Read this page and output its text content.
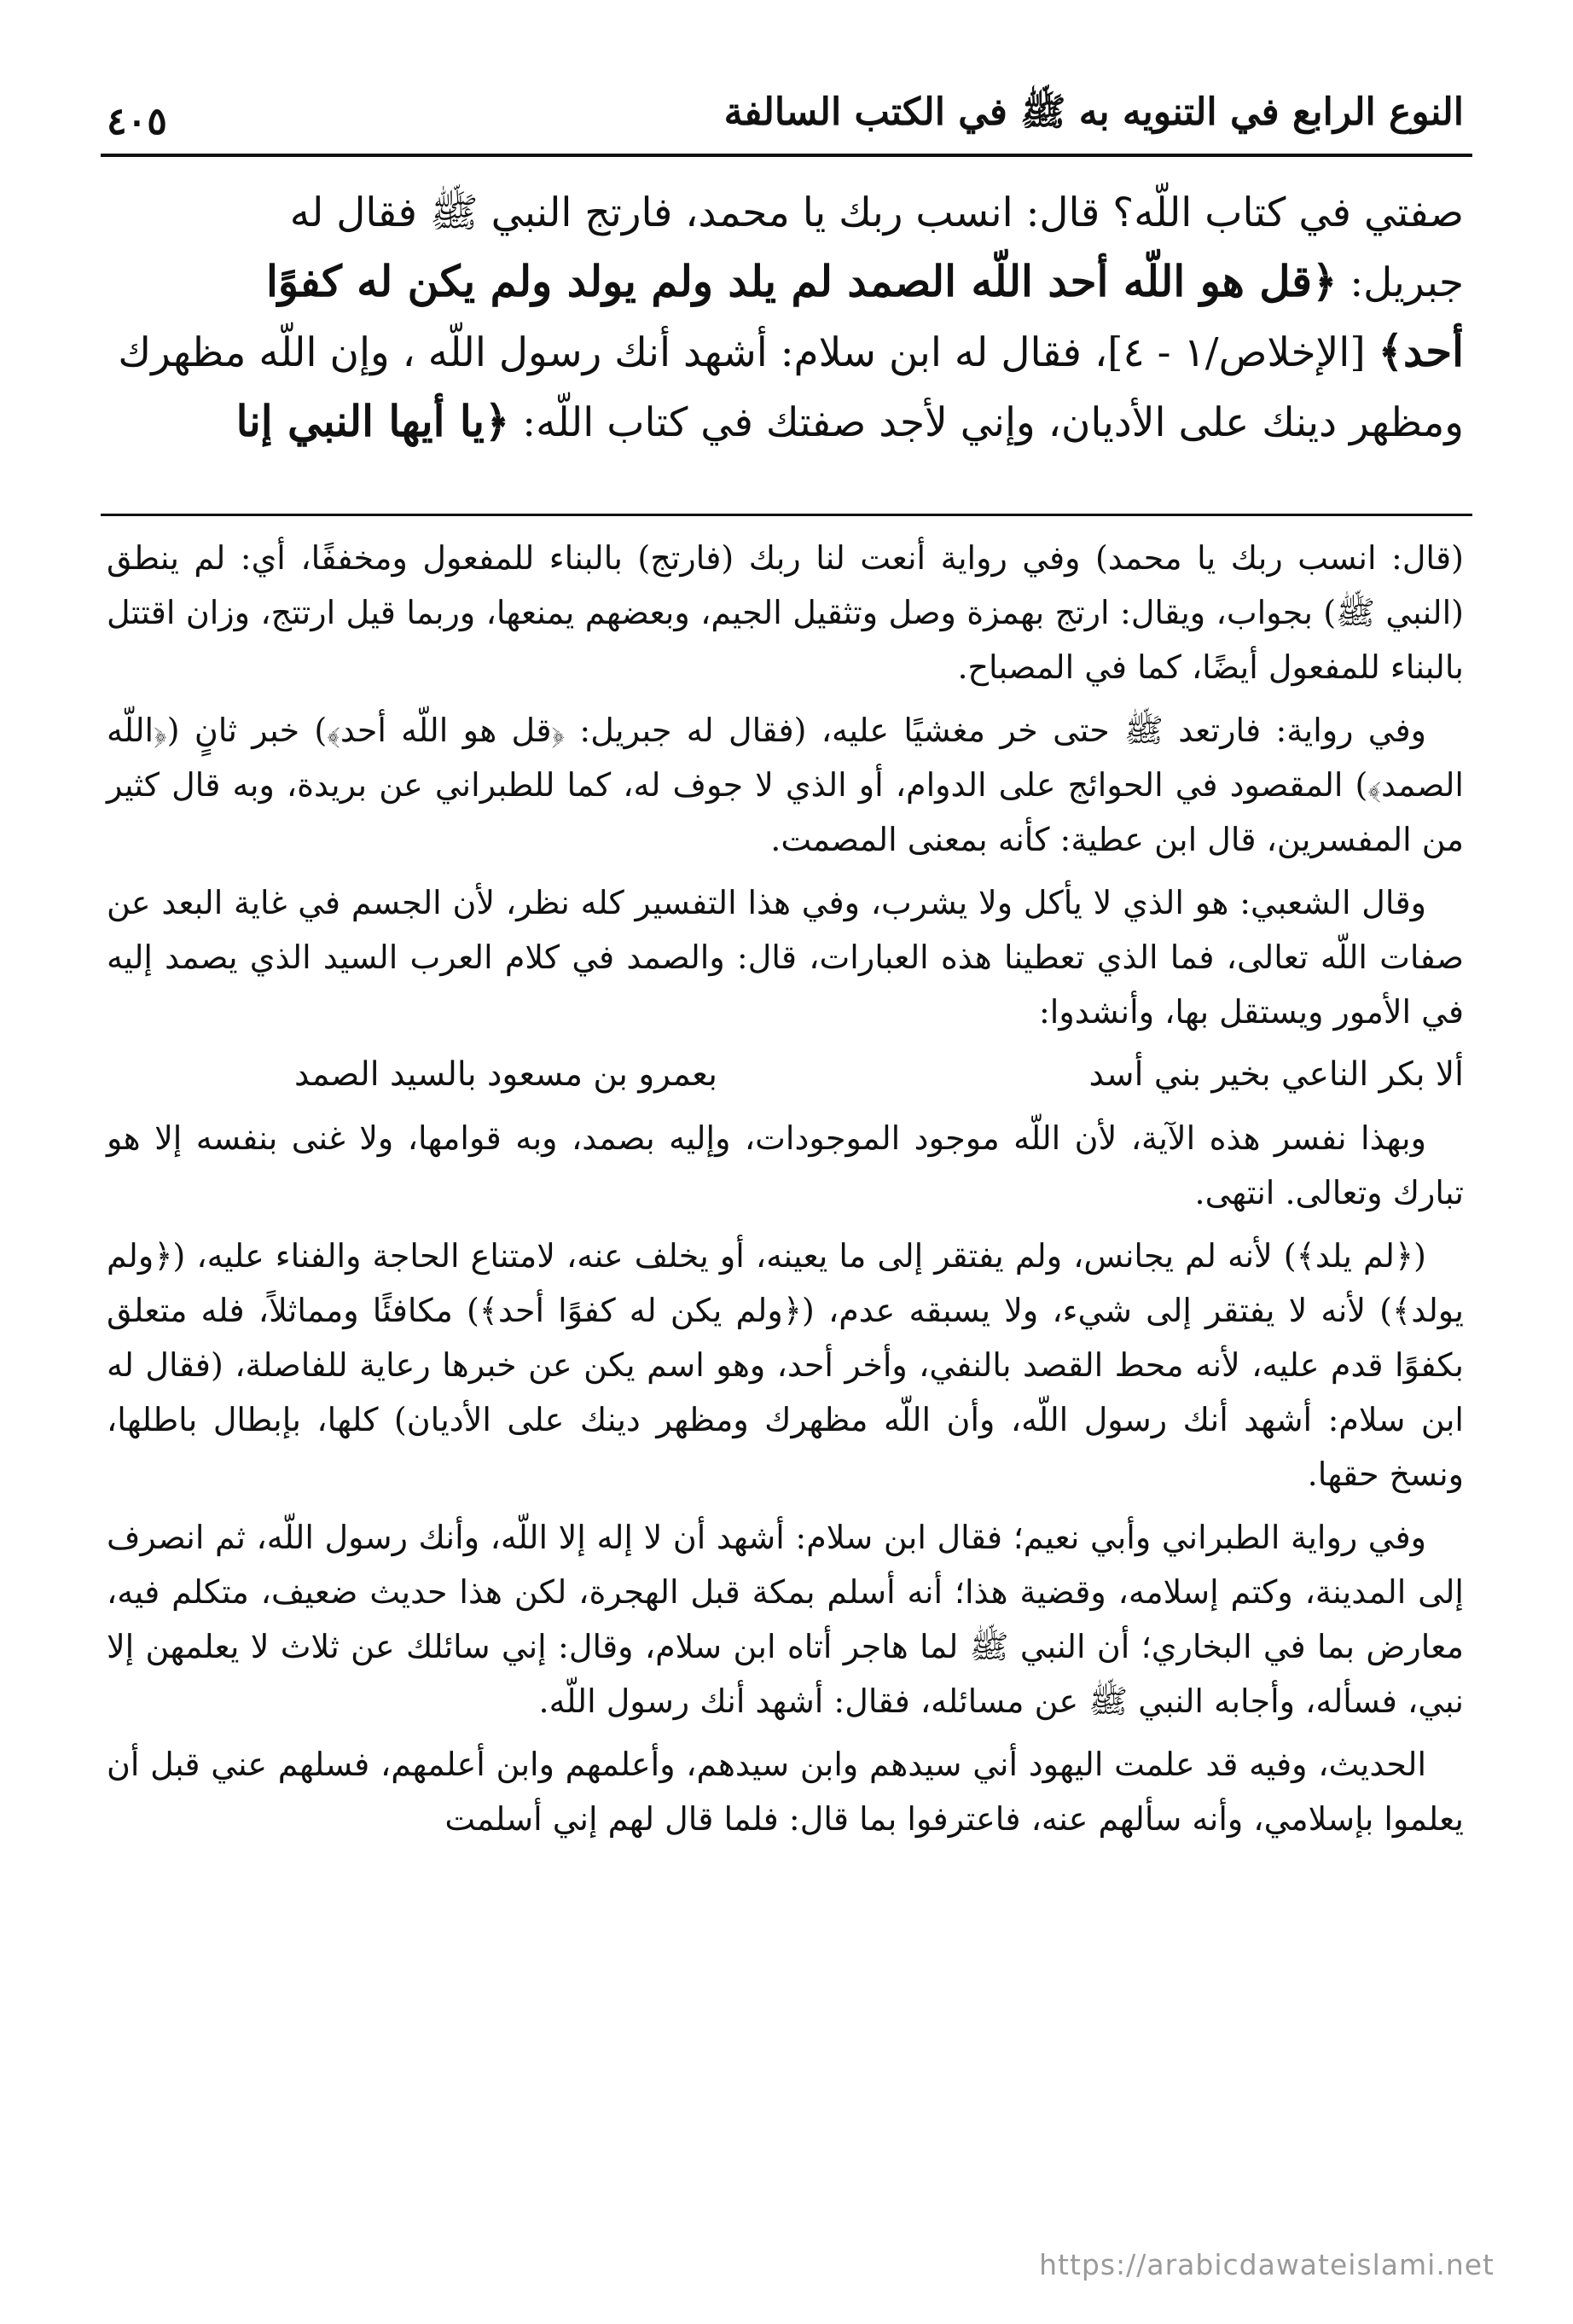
النوع الرابع في التنويه به ﷺ في الكتب السالفة
٤٠٥

صفتي في كتاب اللّه؟ قال: انسب ربك يا محمد، فارتج النبي ﷺ فقال له

جبريل: ﴿قل هو اللّه أحد اللّه الصمد لم يلد ولم يولد ولم يكن له كفوًا

أحد﴾ [الإخلاص/١ - ٤]، فقال له ابن سلام: أشهد أنك رسول اللّه ، وإن اللّه مظهرك

ومظهر دينك على الأديان، وإني لأجد صفتك في كتاب اللّه: ﴿يا أيها النبي إنا

(قال: انسب ربك يا محمد) وفي رواية أنعت لنا ربك (فارتج) بالبناء للمفعول ومخففًا، أي: لم ينطق (النبي ﷺ) بجواب، ويقال: ارتج بهمزة وصل وتثقيل الجيم، وبعضهم يمنعها، وربما قيل ارتتج، وزان اقتتل بالبناء للمفعول أيضًا، كما في المصباح.

وفي رواية: فارتعد ﷺ حتى خر مغشيًا عليه، (فقال له جبريل: ﴿قل هو اللّه أحد﴾) خبر ثانٍ (﴿اللّه الصمد﴾) المقصود في الحوائج على الدوام، أو الذي لا جوف له، كما للطبراني عن بريدة، وبه قال كثير من المفسرين، قال ابن عطية: كأنه بمعنى المصمت.

وقال الشعبي: هو الذي لا يأكل ولا يشرب، وفي هذا التفسير كله نظر، لأن الجسم في غاية البعد عن صفات اللّه تعالى، فما الذي تعطينا هذه العبارات، قال: والصمد في كلام العرب السيد الذي يصمد إليه في الأمور ويستقل بها، وأنشدوا:

ألا بكر الناعي بخير بني أسد
بعمرو بن مسعود بالسيد الصمد

وبهذا نفسر هذه الآية، لأن اللّه موجود الموجودات، وإليه بصمد، وبه قوامها، ولا غنى بنفسه إلا هو تبارك وتعالى. انتهى.

(﴿لم يلد﴾) لأنه لم يجانس، ولم يفتقر إلى ما يعينه، أو يخلف عنه، لامتناع الحاجة والفناء عليه، (﴿ولم يولد﴾) لأنه لا يفتقر إلى شيء، ولا يسبقه عدم، (﴿ولم يكن له كفوًا أحد﴾) مكافئًا ومماثلاً، فله متعلق بكفوًا قدم عليه، لأنه محط القصد بالنفي، وأخر أحد، وهو اسم يكن عن خبرها رعاية للفاصلة، (فقال له ابن سلام: أشهد أنك رسول اللّه، وأن اللّه مظهرك ومظهر دينك على الأديان) كلها، بإبطال باطلها، ونسخ حقها.

وفي رواية الطبراني وأبي نعيم؛ فقال ابن سلام: أشهد أن لا إله إلا اللّه، وأنك رسول اللّه، ثم انصرف إلى المدينة، وكتم إسلامه، وقضية هذا؛ أنه أسلم بمكة قبل الهجرة، لكن هذا حديث ضعيف، متكلم فيه، معارض بما في البخاري؛ أن النبي ﷺ لما هاجر أتاه ابن سلام، وقال: إني سائلك عن ثلاث لا يعلمهن إلا نبي، فسأله، وأجابه النبي ﷺ عن مسائله، فقال: أشهد أنك رسول اللّه.

الحديث، وفيه قد علمت اليهود أني سيدهم وابن سيدهم، وأعلمهم وابن أعلمهم، فسلهم عني قبل أن يعلموا بإسلامي، وأنه سألهم عنه، فاعترفوا بما قال: فلما قال لهم إني أسلمت

https://arabicdawateislami.net
